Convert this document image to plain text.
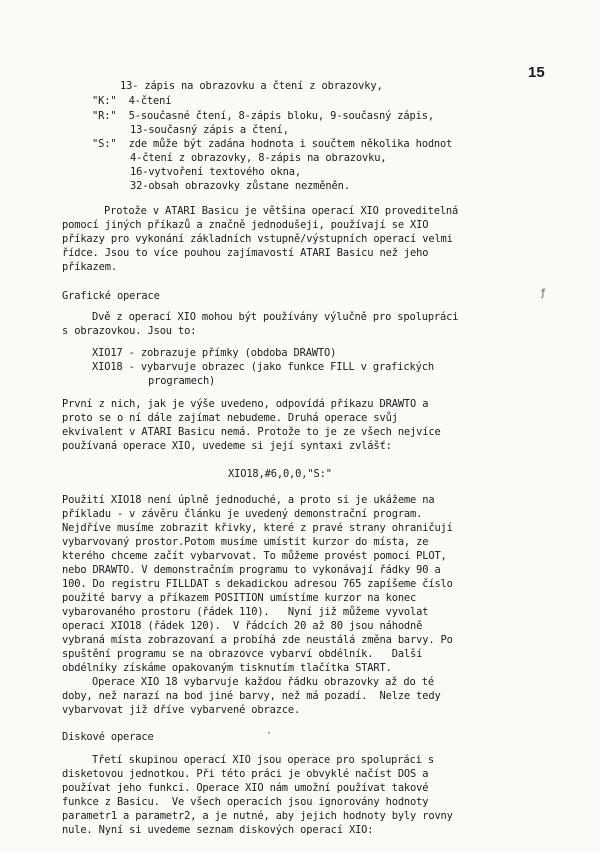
15
13- zápis na obrazovku a čtení z obrazovky,
"K:"  4-čtení
"R:"  5-současné čtení, 8-zápis bloku, 9-současný zápis,
13-současný zápis a čtení,
"S:"  zde může být zadána hodnota i součtem několika hodnot
4-čtení z obrazovky, 8-zápis na obrazovku,
16-vytvoření textového okna,
32-obsah obrazovky zůstane nezměněn.
Protože v ATARI Basicu je většina operací XIO proveditelná
pomocí jiných příkazů a značně jednodušeji, používají se XIO
příkazy pro vykonání základních vstupně/výstupních operací velmi
řídce. Jsou to více pouhou zajímavostí ATARI Basicu než jeho
příkazem.
Grafické operace	ƒ
Dvě z operací XIO mohou být používány výlučně pro spolupráci
s obrazovkou. Jsou to:
XIO17 - zobrazuje přímky (obdoba DRAWTO)
XIO18 - vybarvuje obrazec (jako funkce FILL v grafických
programech)
První z nich, jak je výše uvedeno, odpovídá příkazu DRAWTO a
proto se o ní dále zajímat nebudeme. Druhá operace svůj
ekvivalent v ATARI Basicu nemá. Protože to je ze všech nejvíce
používaná operace XIO, uvedeme si její syntaxi zvlášť:
XIO18,#6,0,0,"S:"
Použití XIO18 není úplně jednoduché, a proto si je ukážeme na
příkladu - v závěru článku je uvedený demonstrační program.
Nejdříve musíme zobrazit křivky, které z pravé strany ohraničují
vybarvovaný prostor.Potom musíme umístit kurzor do místa, ze
kterého chceme začít vybarvovat. To můžeme provést pomocí PLOT,
nebo DRAWTO. V demonstračním programu to vykonávají řádky 90 a
100. Do registru FILLDAT s dekadickou adresou 765 zapíšeme číslo
použité barvy a příkazem POSITION umístíme kurzor na konec
vybarovaného prostoru (řádek 110).   Nyní již můžeme vyvolat
operaci XIO18 (řádek 120).  V řádcích 20 až 80 jsou náhodně
vybraná místa zobrazovaní a probíhá zde neustálá změna barvy. Po
spuštění programu se na obrazovce vybarví obdélník.   Další
obdélníky získáme opakovaným tisknutím tlačítka START.
Operace XIO 18 vybarvuje každou řádku obrazovky až do té
doby, než narazí na bod jiné barvy, než má pozadí.  Nelze tedy
vybarvovat již dříve vybarvené obrazce.
Diskové operace	·
Třetí skupinou operací XIO jsou operace pro spolupráci s
disketovou jednotkou. Při této práci je obvyklé načíst DOS a
používat jeho funkci. Operace XIO nám umožní používat takové
funkce z Basicu.  Ve všech operacích jsou ignorovány hodnoty
parametr1 a parametr2, a je nutné, aby jejich hodnoty byly rovny
nule. Nyní si uvedeme seznam diskových operací XIO:
